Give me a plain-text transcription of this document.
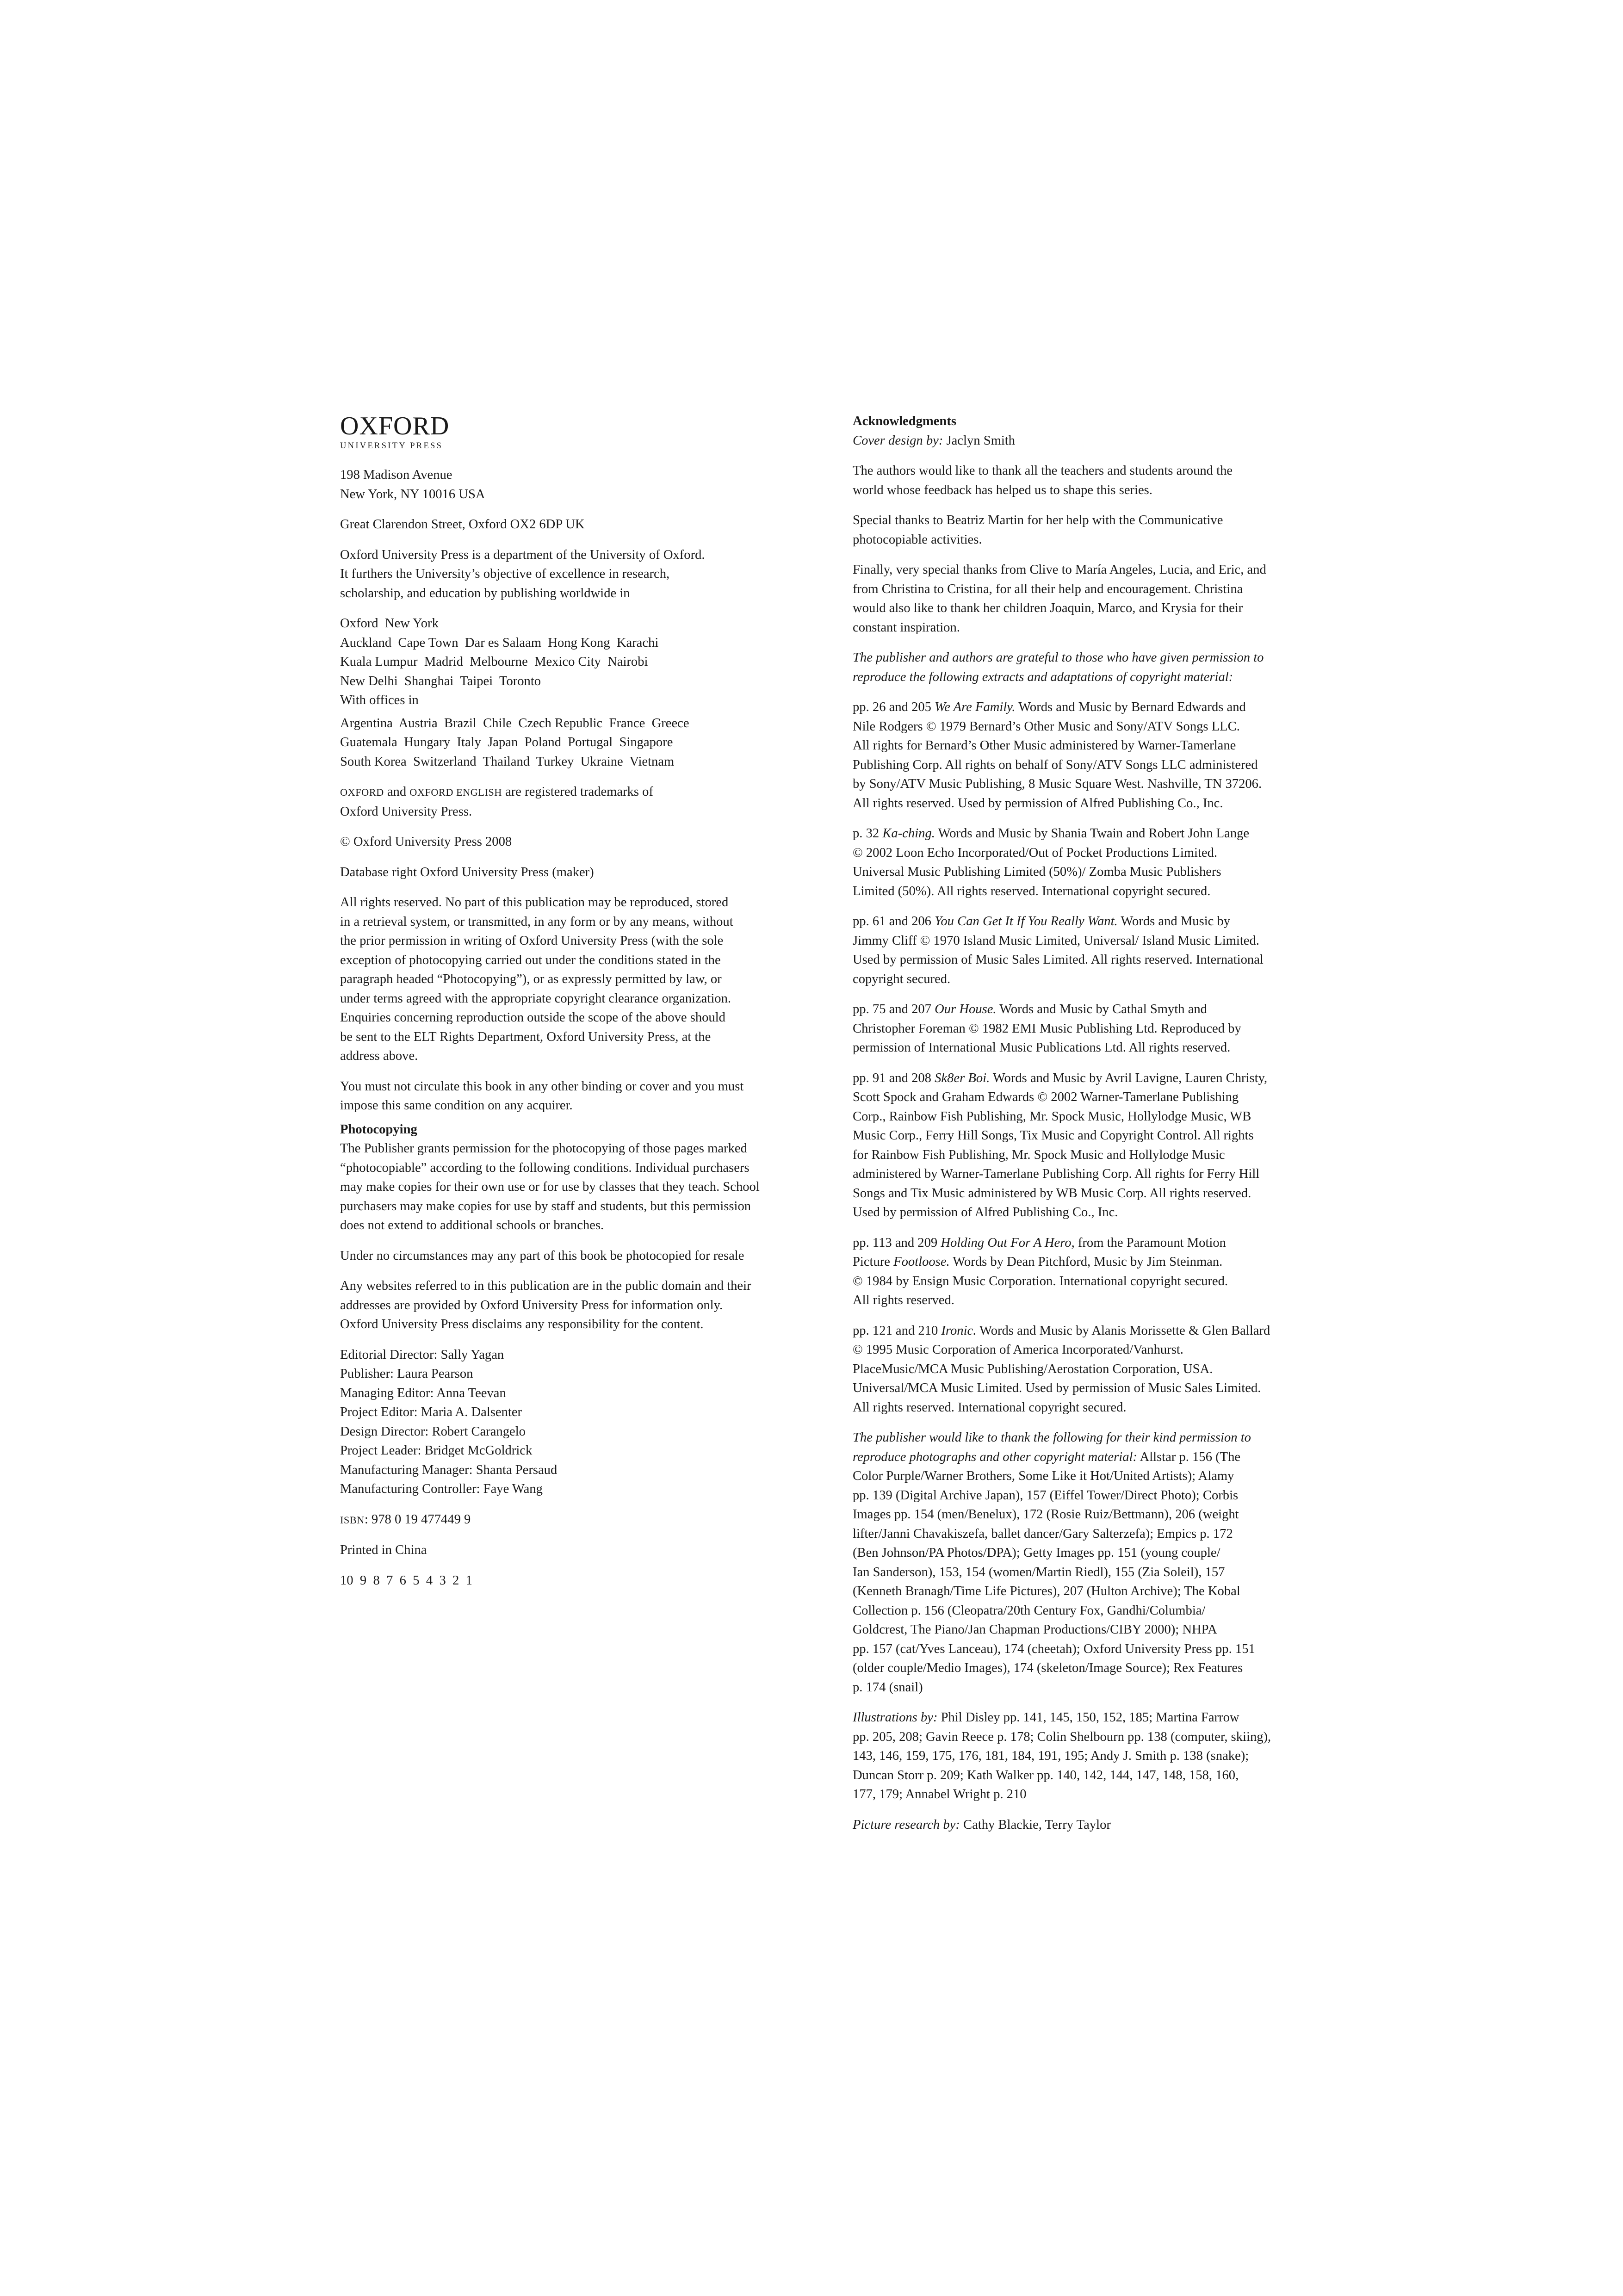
OXFORD
UNIVERSITY PRESS
198 Madison Avenue
New York, NY 10016 USA
Great Clarendon Street, Oxford OX2 6DP UK
Oxford University Press is a department of the University of Oxford.
It furthers the University’s objective of excellence in research,
scholarship, and education by publishing worldwide in
Oxford  New York
Auckland  Cape Town  Dar es Salaam  Hong Kong  Karachi
Kuala Lumpur  Madrid  Melbourne  Mexico City  Nairobi
New Delhi  Shanghai  Taipei  Toronto
With offices in
Argentina  Austria  Brazil  Chile  Czech Republic  France  Greece
Guatemala  Hungary  Italy  Japan  Poland  Portugal  Singapore
South Korea  Switzerland  Thailand  Turkey  Ukraine  Vietnam
OXFORD and OXFORD ENGLISH are registered trademarks of
Oxford University Press.
© Oxford University Press 2008
Database right Oxford University Press (maker)
All rights reserved. No part of this publication may be reproduced, stored
in a retrieval system, or transmitted, in any form or by any means, without
the prior permission in writing of Oxford University Press (with the sole
exception of photocopying carried out under the conditions stated in the
paragraph headed “Photocopying”), or as expressly permitted by law, or
under terms agreed with the appropriate copyright clearance organization.
Enquiries concerning reproduction outside the scope of the above should
be sent to the ELT Rights Department, Oxford University Press, at the
address above.
You must not circulate this book in any other binding or cover and you must
impose this same condition on any acquirer.
Photocopying
The Publisher grants permission for the photocopying of those pages marked
“photocopiable” according to the following conditions. Individual purchasers
may make copies for their own use or for use by classes that they teach. School
purchasers may make copies for use by staff and students, but this permission
does not extend to additional schools or branches.
Under no circumstances may any part of this book be photocopied for resale
Any websites referred to in this publication are in the public domain and their
addresses are provided by Oxford University Press for information only.
Oxford University Press disclaims any responsibility for the content.
Editorial Director: Sally Yagan
Publisher: Laura Pearson
Managing Editor: Anna Teevan
Project Editor: Maria A. Dalsenter
Design Director: Robert Carangelo
Project Leader: Bridget McGoldrick
Manufacturing Manager: Shanta Persaud
Manufacturing Controller: Faye Wang
ISBN: 978 0 19 477449 9
Printed in China
10  9  8  7  6  5  4  3  2  1
Acknowledgments
Cover design by: Jaclyn Smith
The authors would like to thank all the teachers and students around the
world whose feedback has helped us to shape this series.
Special thanks to Beatriz Martin for her help with the Communicative
photocopiable activities.
Finally, very special thanks from Clive to María Angeles, Lucia, and Eric, and
from Christina to Cristina, for all their help and encouragement. Christina
would also like to thank her children Joaquin, Marco, and Krysia for their
constant inspiration.
The publisher and authors are grateful to those who have given permission to
reproduce the following extracts and adaptations of copyright material:
pp. 26 and 205 We Are Family. Words and Music by Bernard Edwards and
Nile Rodgers © 1979 Bernard’s Other Music and Sony/ATV Songs LLC.
All rights for Bernard’s Other Music administered by Warner-Tamerlane
Publishing Corp. All rights on behalf of Sony/ATV Songs LLC administered
by Sony/ATV Music Publishing, 8 Music Square West. Nashville, TN 37206.
All rights reserved. Used by permission of Alfred Publishing Co., Inc.
p. 32 Ka-ching. Words and Music by Shania Twain and Robert John Lange
© 2002 Loon Echo Incorporated/Out of Pocket Productions Limited.
Universal Music Publishing Limited (50%)/ Zomba Music Publishers
Limited (50%). All rights reserved. International copyright secured.
pp. 61 and 206 You Can Get It If You Really Want. Words and Music by
Jimmy Cliff © 1970 Island Music Limited, Universal/ Island Music Limited.
Used by permission of Music Sales Limited. All rights reserved. International
copyright secured.
pp. 75 and 207 Our House. Words and Music by Cathal Smyth and
Christopher Foreman © 1982 EMI Music Publishing Ltd. Reproduced by
permission of International Music Publications Ltd. All rights reserved.
pp. 91 and 208 Sk8er Boi. Words and Music by Avril Lavigne, Lauren Christy,
Scott Spock and Graham Edwards © 2002 Warner-Tamerlane Publishing
Corp., Rainbow Fish Publishing, Mr. Spock Music, Hollylodge Music, WB
Music Corp., Ferry Hill Songs, Tix Music and Copyright Control. All rights
for Rainbow Fish Publishing, Mr. Spock Music and Hollylodge Music
administered by Warner-Tamerlane Publishing Corp. All rights for Ferry Hill
Songs and Tix Music administered by WB Music Corp. All rights reserved.
Used by permission of Alfred Publishing Co., Inc.
pp. 113 and 209 Holding Out For A Hero, from the Paramount Motion
Picture Footloose. Words by Dean Pitchford, Music by Jim Steinman.
© 1984 by Ensign Music Corporation. International copyright secured.
All rights reserved.
pp. 121 and 210 Ironic. Words and Music by Alanis Morissette & Glen Ballard
© 1995 Music Corporation of America Incorporated/Vanhurst.
PlaceMusic/MCA Music Publishing/Aerostation Corporation, USA.
Universal/MCA Music Limited. Used by permission of Music Sales Limited.
All rights reserved. International copyright secured.
The publisher would like to thank the following for their kind permission to
reproduce photographs and other copyright material: Allstar p. 156 (The
Color Purple/Warner Brothers, Some Like it Hot/United Artists); Alamy
pp. 139 (Digital Archive Japan), 157 (Eiffel Tower/Direct Photo); Corbis
Images pp. 154 (men/Benelux), 172 (Rosie Ruiz/Bettmann), 206 (weight
lifter/Janni Chavakiszefa, ballet dancer/Gary Salterzefa); Empics p. 172
(Ben Johnson/PA Photos/DPA); Getty Images pp. 151 (young couple/
Ian Sanderson), 153, 154 (women/Martin Riedl), 155 (Zia Soleil), 157
(Kenneth Branagh/Time Life Pictures), 207 (Hulton Archive); The Kobal
Collection p. 156 (Cleopatra/20th Century Fox, Gandhi/Columbia/
Goldcrest, The Piano/Jan Chapman Productions/CIBY 2000); NHPA
pp. 157 (cat/Yves Lanceau), 174 (cheetah); Oxford University Press pp. 151
(older couple/Medio Images), 174 (skeleton/Image Source); Rex Features
p. 174 (snail)
Illustrations by: Phil Disley pp. 141, 145, 150, 152, 185; Martina Farrow
pp. 205, 208; Gavin Reece p. 178; Colin Shelbourn pp. 138 (computer, skiing),
143, 146, 159, 175, 176, 181, 184, 191, 195; Andy J. Smith p. 138 (snake);
Duncan Storr p. 209; Kath Walker pp. 140, 142, 144, 147, 148, 158, 160,
177, 179; Annabel Wright p. 210
Picture research by: Cathy Blackie, Terry Taylor
